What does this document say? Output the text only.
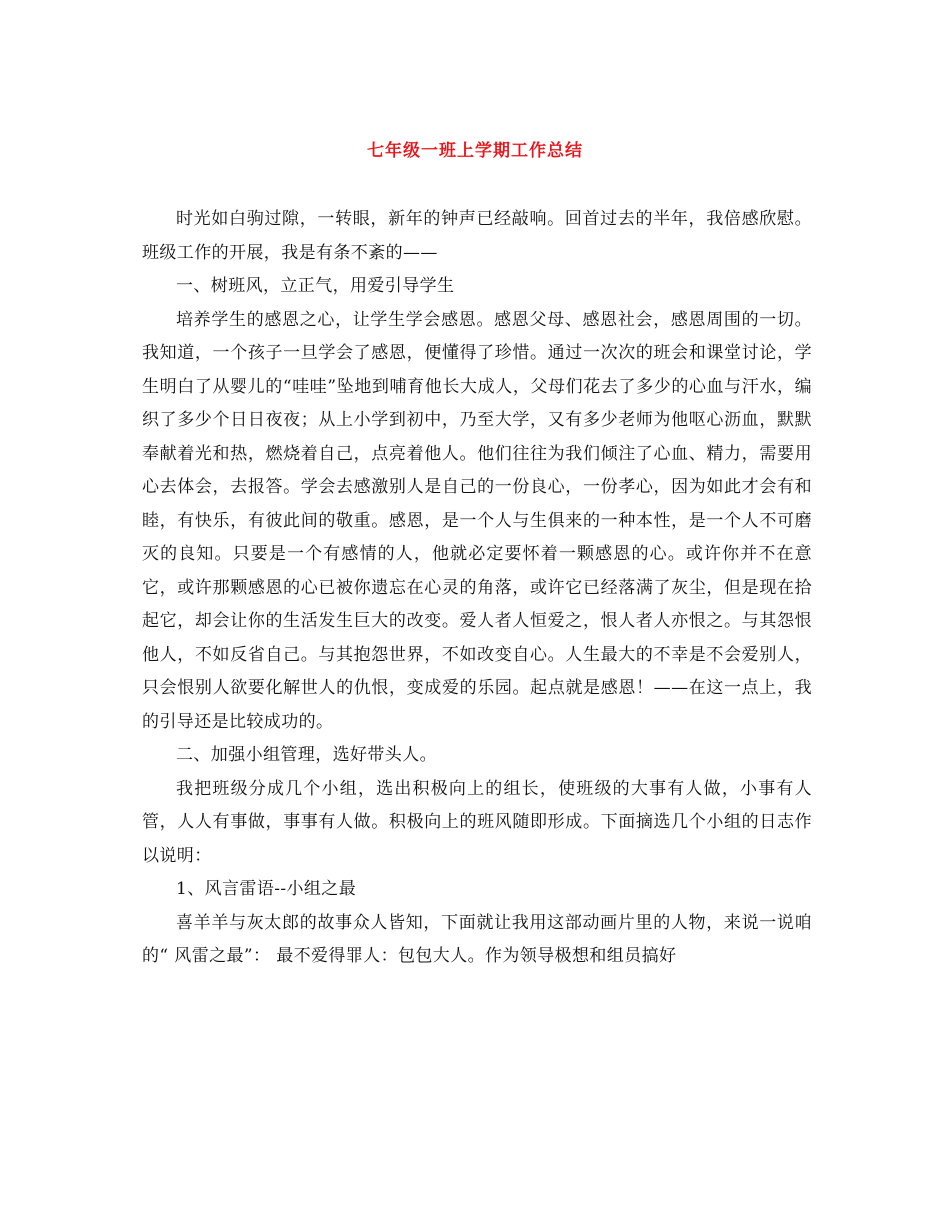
七年级一班上学期工作总结

时光如白驹过隙，一转眼，新年的钟声已经敲响。回首过去的半年，我倍感欣慰。班级工作的开展，我是有条不紊的——

一、树班风，立正气，用爱引导学生

培养学生的感恩之心，让学生学会感恩。感恩父母、感恩社会，感恩周围的一切。我知道，一个孩子一旦学会了感恩，便懂得了珍惜。通过一次次的班会和课堂讨论，学生明白了从婴儿的“哇哇”坠地到哺育他长大成人，父母们花去了多少的心血与汗水，编织了多少个日日夜夜；从上小学到初中，乃至大学，又有多少老师为他呕心沥血，默默奉献着光和热，燃烧着自己，点亮着他人。他们往往为我们倾注了心血、精力，需要用心去体会，去报答。学会去感激别人是自己的一份良心，一份孝心，因为如此才会有和睦，有快乐，有彼此间的敬重。感恩，是一个人与生俱来的一种本性，是一个人不可磨灭的良知。只要是一个有感情的人，他就必定要怀着一颗感恩的心。或许你并不在意它，或许那颗感恩的心已被你遗忘在心灵的角落，或许它已经落满了灰尘，但是现在拾起它，却会让你的生活发生巨大的改变。爱人者人恒爱之，恨人者人亦恨之。与其怨恨他人，不如反省自己。与其抱怨世界，不如改变自心。人生最大的不幸是不会爱别人，只会恨别人欲要化解世人的仇恨，变成爱的乐园。起点就是感恩！——在这一点上，我的引导还是比较成功的。

二、加强小组管理，选好带头人。

我把班级分成几个小组，选出积极向上的组长，使班级的大事有人做，小事有人管，人人有事做，事事有人做。积极向上的班风随即形成。下面摘选几个小组的日志作以说明：

1、风言雷语--小组之最

喜羊羊与灰太郎的故事众人皆知，下面就让我用这部动画片里的人物，来说一说咱的“ 风雷之最”： 最不爱得罪人：包包大人。作为领导极想和组员搞好
